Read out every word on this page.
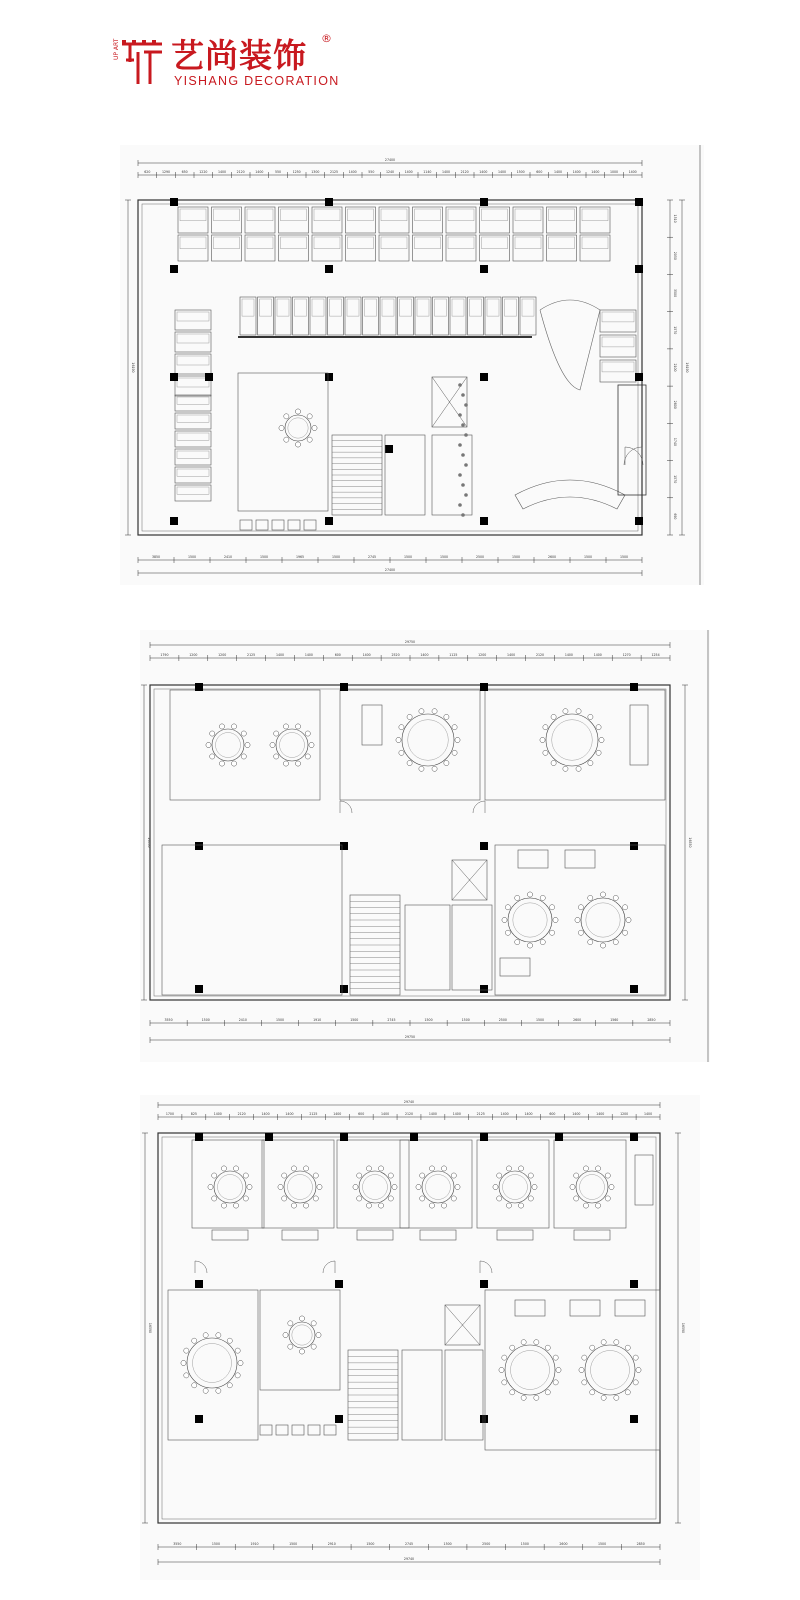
UP ART 艺尚装饰 ®
YISHANG DECORATION
27400
620	1290	650	1220	1400	2120	1400	550	1250	1300	2125	1400	550	1240	1400	1140	1400	2120	1400	1400	1500	600	1400	1400	1400	1000	1400
3850	1500	2410	1500	1965	1500	2745	1500	1500	2500	1500	2600	1500	1500
27400
16190
1510
2050
3500
1570
2100
2800
1740
1570
690
16190
29750
1790	1200	1200	2125	1400	1400	600	1400	2520	1400	1125	1200	1400	2120	1400	1400	1270	1254
3550	1500	2410	1500	1910	1500	2745	1500	1500	2500	1500	2600	1560	2850
29750
16550	16550
29740
1700	825	1400	2120	1400	1400	2125	1400	600	1400	2120	1400	1400	2125	1400	1400	600	1400	1400	1200	1400
3550	1500	1910	1500	2910	1500	2745	1500	2500	1500	2600	1500	2850
29740
16590	16590
